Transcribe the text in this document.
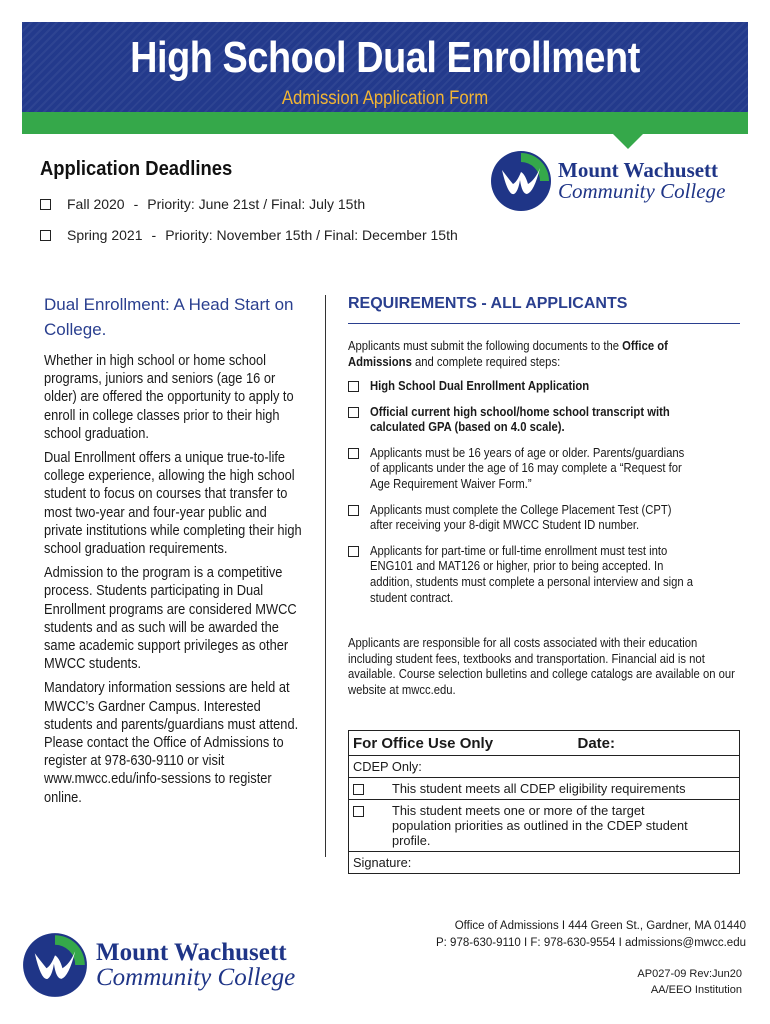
High School Dual Enrollment
Admission Application Form
Mount Wachusett
Community College
Application Deadlines
Fall 2020 - Priority: June 21st / Final: July 15th
Spring 2021 - Priority: November 15th / Final: December 15th
Dual Enrollment: A Head Start on College.

Whether in high school or home school programs, juniors and seniors (age 16 or older) are offered the opportunity to apply to enroll in college classes prior to their high school graduation.

Dual Enrollment offers a unique true-to-life college experience, allowing the high school student to focus on courses that transfer to most two-year and four-year public and private institutions while completing their high school graduation requirements.

Admission to the program is a competitive process. Students participating in Dual Enrollment programs are considered MWCC students and as such will be awarded the same academic support privileges as other MWCC students.

Mandatory information sessions are held at MWCC’s Gardner Campus. Interested students and parents/guardians must attend. Please contact the Office of Admissions to register at 978-630-9110 or visit www.mwcc.edu/info-sessions to register online.

REQUIREMENTS - ALL APPLICANTS
Applicants must submit the following documents to the Office of Admissions and complete required steps:
High School Dual Enrollment Application
Official current high school/home school transcript with calculated GPA (based on 4.0 scale).
Applicants must be 16 years of age or older. Parents/guardians of applicants under the age of 16 may complete a “Request for Age Requirement Waiver Form.”
Applicants must complete the College Placement Test (CPT) after receiving your 8-digit MWCC Student ID number.
Applicants for part-time or full-time enrollment must test into ENG101 and MAT126 or higher, prior to being accepted. In addition, students must complete a personal interview and sign a student contract.
Applicants are responsible for all costs associated with their education including student fees, textbooks and transportation. Financial aid is not available. Course selection bulletins and college catalogs are available on our website at mwcc.edu.
For Office Use Only	Date:
CDEP Only:
This student meets all CDEP eligibility requirements
This student meets one or more of the target population priorities as outlined in the CDEP student profile.
Signature:
Mount Wachusett
Community College
Office of Admissions I 444 Green St., Gardner, MA 01440
P: 978-630-9110 I F: 978-630-9554 I admissions@mwcc.edu
AP027-09 Rev:Jun20
AA/EEO Institution
